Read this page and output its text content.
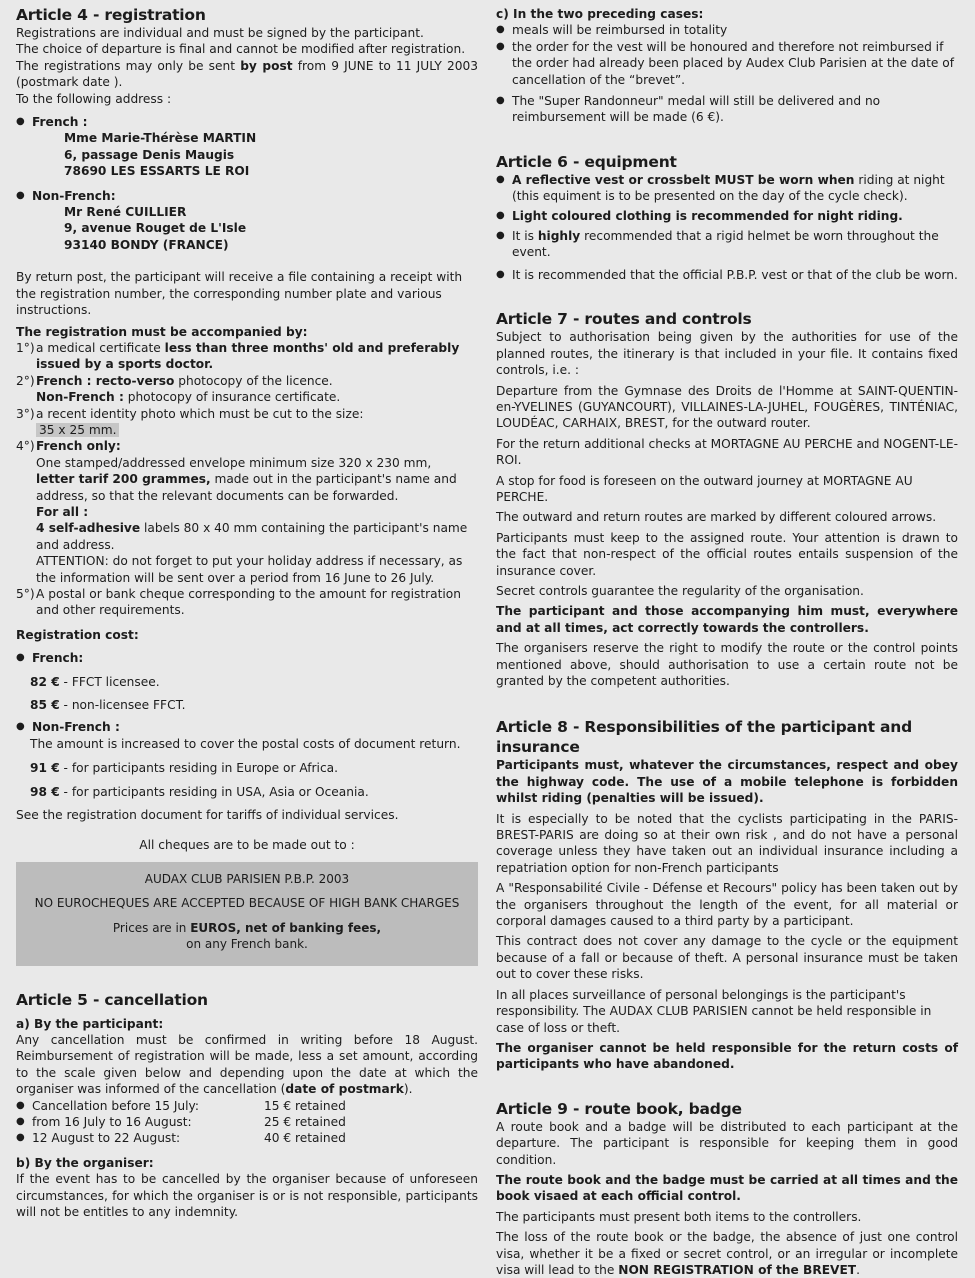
Article 4 - registration

Registrations are individual and must be signed by the participant.

The choice of departure is final and cannot be modified after registration.

The registrations may only be sent by post from 9 JUNE to 11 JULY 2003 (postmark date ).

To the following address :

● French :

Mme Marie-Thérèse MARTIN

6, passage Denis Maugis

78690 LES ESSARTS LE ROI

● Non-French:

Mr René CUILLIER

9, avenue Rouget de L'Isle

93140 BONDY (FRANCE)

By return post, the participant will receive a file containing a receipt with the registration number, the corresponding number plate and various instructions.

The registration must be accompanied by:

1°) a medical certificate less than three months' old and preferably issued by a sports doctor.
2°) French : recto-verso photocopy of the licence.
Non-French : photocopy of insurance certificate.
3°) a recent identity photo which must be cut to the size:
35 x 25 mm.
4°) French only:
One stamped/addressed envelope minimum size 320 x 230 mm,
letter tarif 200 grammes, made out in the participant's name and address, so that the relevant documents can be forwarded.
For all :
4 self-adhesive labels 80 x 40 mm containing the participant's name and address.
ATTENTION: do not forget to put your holiday address if necessary, as the information will be sent over a period from 16 June to 26 July.
5°) A postal or bank cheque corresponding to the amount for registration and other requirements.

Registration cost:

● French:

82 € - FFCT licensee.

85 € - non-licensee FFCT.

● Non-French :

The amount is increased to cover the postal costs of document return.

91 € - for participants residing in Europe or Africa.

98 € - for participants residing in USA, Asia or Oceania.

See the registration document for tariffs of individual services.

All cheques are to be made out to :

AUDAX CLUB PARISIEN P.B.P. 2003

NO EUROCHEQUES ARE ACCEPTED BECAUSE OF HIGH BANK CHARGES

Prices are in EUROS, net of banking fees,
on any French bank.

Article 5 - cancellation

a) By the participant:

Any cancellation must be confirmed in writing before 18 August. Reimbursement of registration will be made, less a set amount, according to the scale given below and depending upon the date at which the organiser was informed of the cancellation (date of postmark).

● Cancellation before 15 July:	15 € retained
● from 16 July to 16 August:	25 € retained
● 12 August to 22 August:	40 € retained

b) By the organiser:

If the event has to be cancelled by the organiser because of unforeseen circumstances, for which the organiser is or is not responsible, participants will not be entitles to any indemnity.

c) In the two preceding cases:

● meals will be reimbursed in totality

● the order for the vest will be honoured and therefore not reimbursed if the order had already been placed by Audex Club Parisien at the date of cancellation of the “brevet”.

● The "Super Randonneur" medal will still be delivered and no reimbursement will be made (6 €).

Article 6 - equipment

● A reflective vest or crossbelt MUST be worn when riding at night (this equiment is to be presented on the day of the cycle check).

● Light coloured clothing is recommended for night riding.

● It is highly recommended that a rigid helmet be worn throughout the event.

● It is recommended that the official P.B.P. vest or that of the club be worn.

Article 7 - routes and controls

Subject to authorisation being given by the authorities for use of the planned routes, the itinerary is that included in your file. It contains fixed controls, i.e. :

Departure from the Gymnase des Droits de l'Homme at SAINT-QUENTIN-en-YVELINES (GUYANCOURT), VILLAINES-LA-JUHEL, FOUGÈRES, TINTÉNIAC, LOUDÉAC, CARHAIX, BREST, for the outward router.

For the return additional checks at MORTAGNE AU PERCHE and NOGENT-LE-ROI.

A stop for food is foreseen on the outward journey at MORTAGNE AU PERCHE.

The outward and return routes are marked by different coloured arrows.

Participants must keep to the assigned route. Your attention is drawn to the fact that non-respect of the official routes entails suspension of the insurance cover.

Secret controls guarantee the regularity of the organisation.

The participant and those accompanying him must, everywhere and at all times, act correctly towards the controllers.

The organisers reserve the right to modify the route or the control points mentioned above, should authorisation to use a certain route not be granted by the competent authorities.

Article 8 - Responsibilities of the participant and insurance

Participants must, whatever the circumstances, respect and obey the highway code. The use of a mobile telephone is forbidden whilst riding (penalties will be issued).

It is especially to be noted that the cyclists participating in the PARIS-BREST-PARIS are doing so at their own risk , and do not have a personal coverage unless they have taken out an individual insurance including a repatriation option for non-French participants

A "Responsabilité Civile - Défense et Recours" policy has been taken out by the organisers throughout the length of the event, for all material or corporal damages caused to a third party by a participant.

This contract does not cover any damage to the cycle or the equipment because of a fall or because of theft. A personal insurance must be taken out to cover these risks.

In all places surveillance of personal belongings is the participant's responsibility. The AUDAX CLUB PARISIEN cannot be held responsible in case of loss or theft.

The organiser cannot be held responsible for the return costs of participants who have abandoned.

Article 9 - route book, badge

A route book and a badge will be distributed to each participant at the departure. The participant is responsible for keeping them in good condition.

The route book and the badge must be carried at all times and the book visaed at each official control.

The participants must present both items to the controllers.

The loss of the route book or the badge, the absence of just one control visa, whether it be a fixed or secret control, or an irregular or incomplete visa will lead to the NON REGISTRATION of the BREVET.
